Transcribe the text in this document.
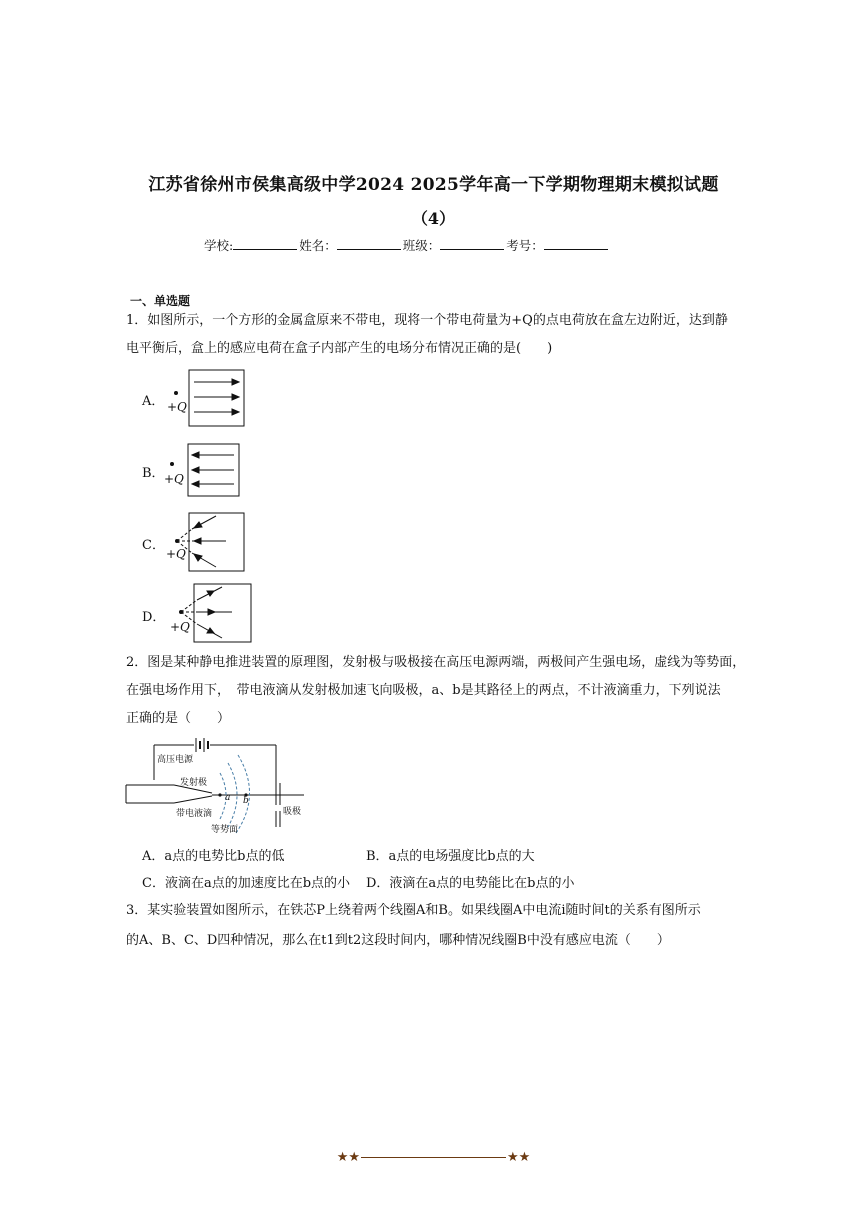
江苏省徐州市侯集高级中学2024 2025学年高一下学期物理期末模拟试题
（4）
学校:	姓名：	班级：	考号：
一、单选题
1．如图所示，一个方形的金属盒原来不带电，现将一个带电荷量为+Q的点电荷放在盒左边附近，达到静
电平衡后，盒上的感应电荷在盒子内部产生的电场分布情况正确的是(　　)
A． +Q
B． +Q
C．
+Q
D．
+Q
2．图是某种静电推进装置的原理图，发射极与吸极接在高压电源两端，两极间产生强电场，虚线为等势面，
在强电场作用下，　带电液滴从发射极加速飞向吸极，a、b是其路径上的两点，不计液滴重力，下列说法
正确的是（　　）
高压电源
发射极
带电液滴
等势面
吸极
a b
A．a点的电势比b点的低	B．a点的电场强度比b点的大
C．液滴在a点的加速度比在b点的小 D．液滴在a点的电势能比在b点的小
3．某实验装置如图所示，在铁芯P上绕着两个线圈A和B。如果线圈A中电流i随时间t的关系有图所示
的A、B、C、D四种情况，那么在t1到t2这段时间内，哪种情况线圈B中没有感应电流（　　）
★★	★★
